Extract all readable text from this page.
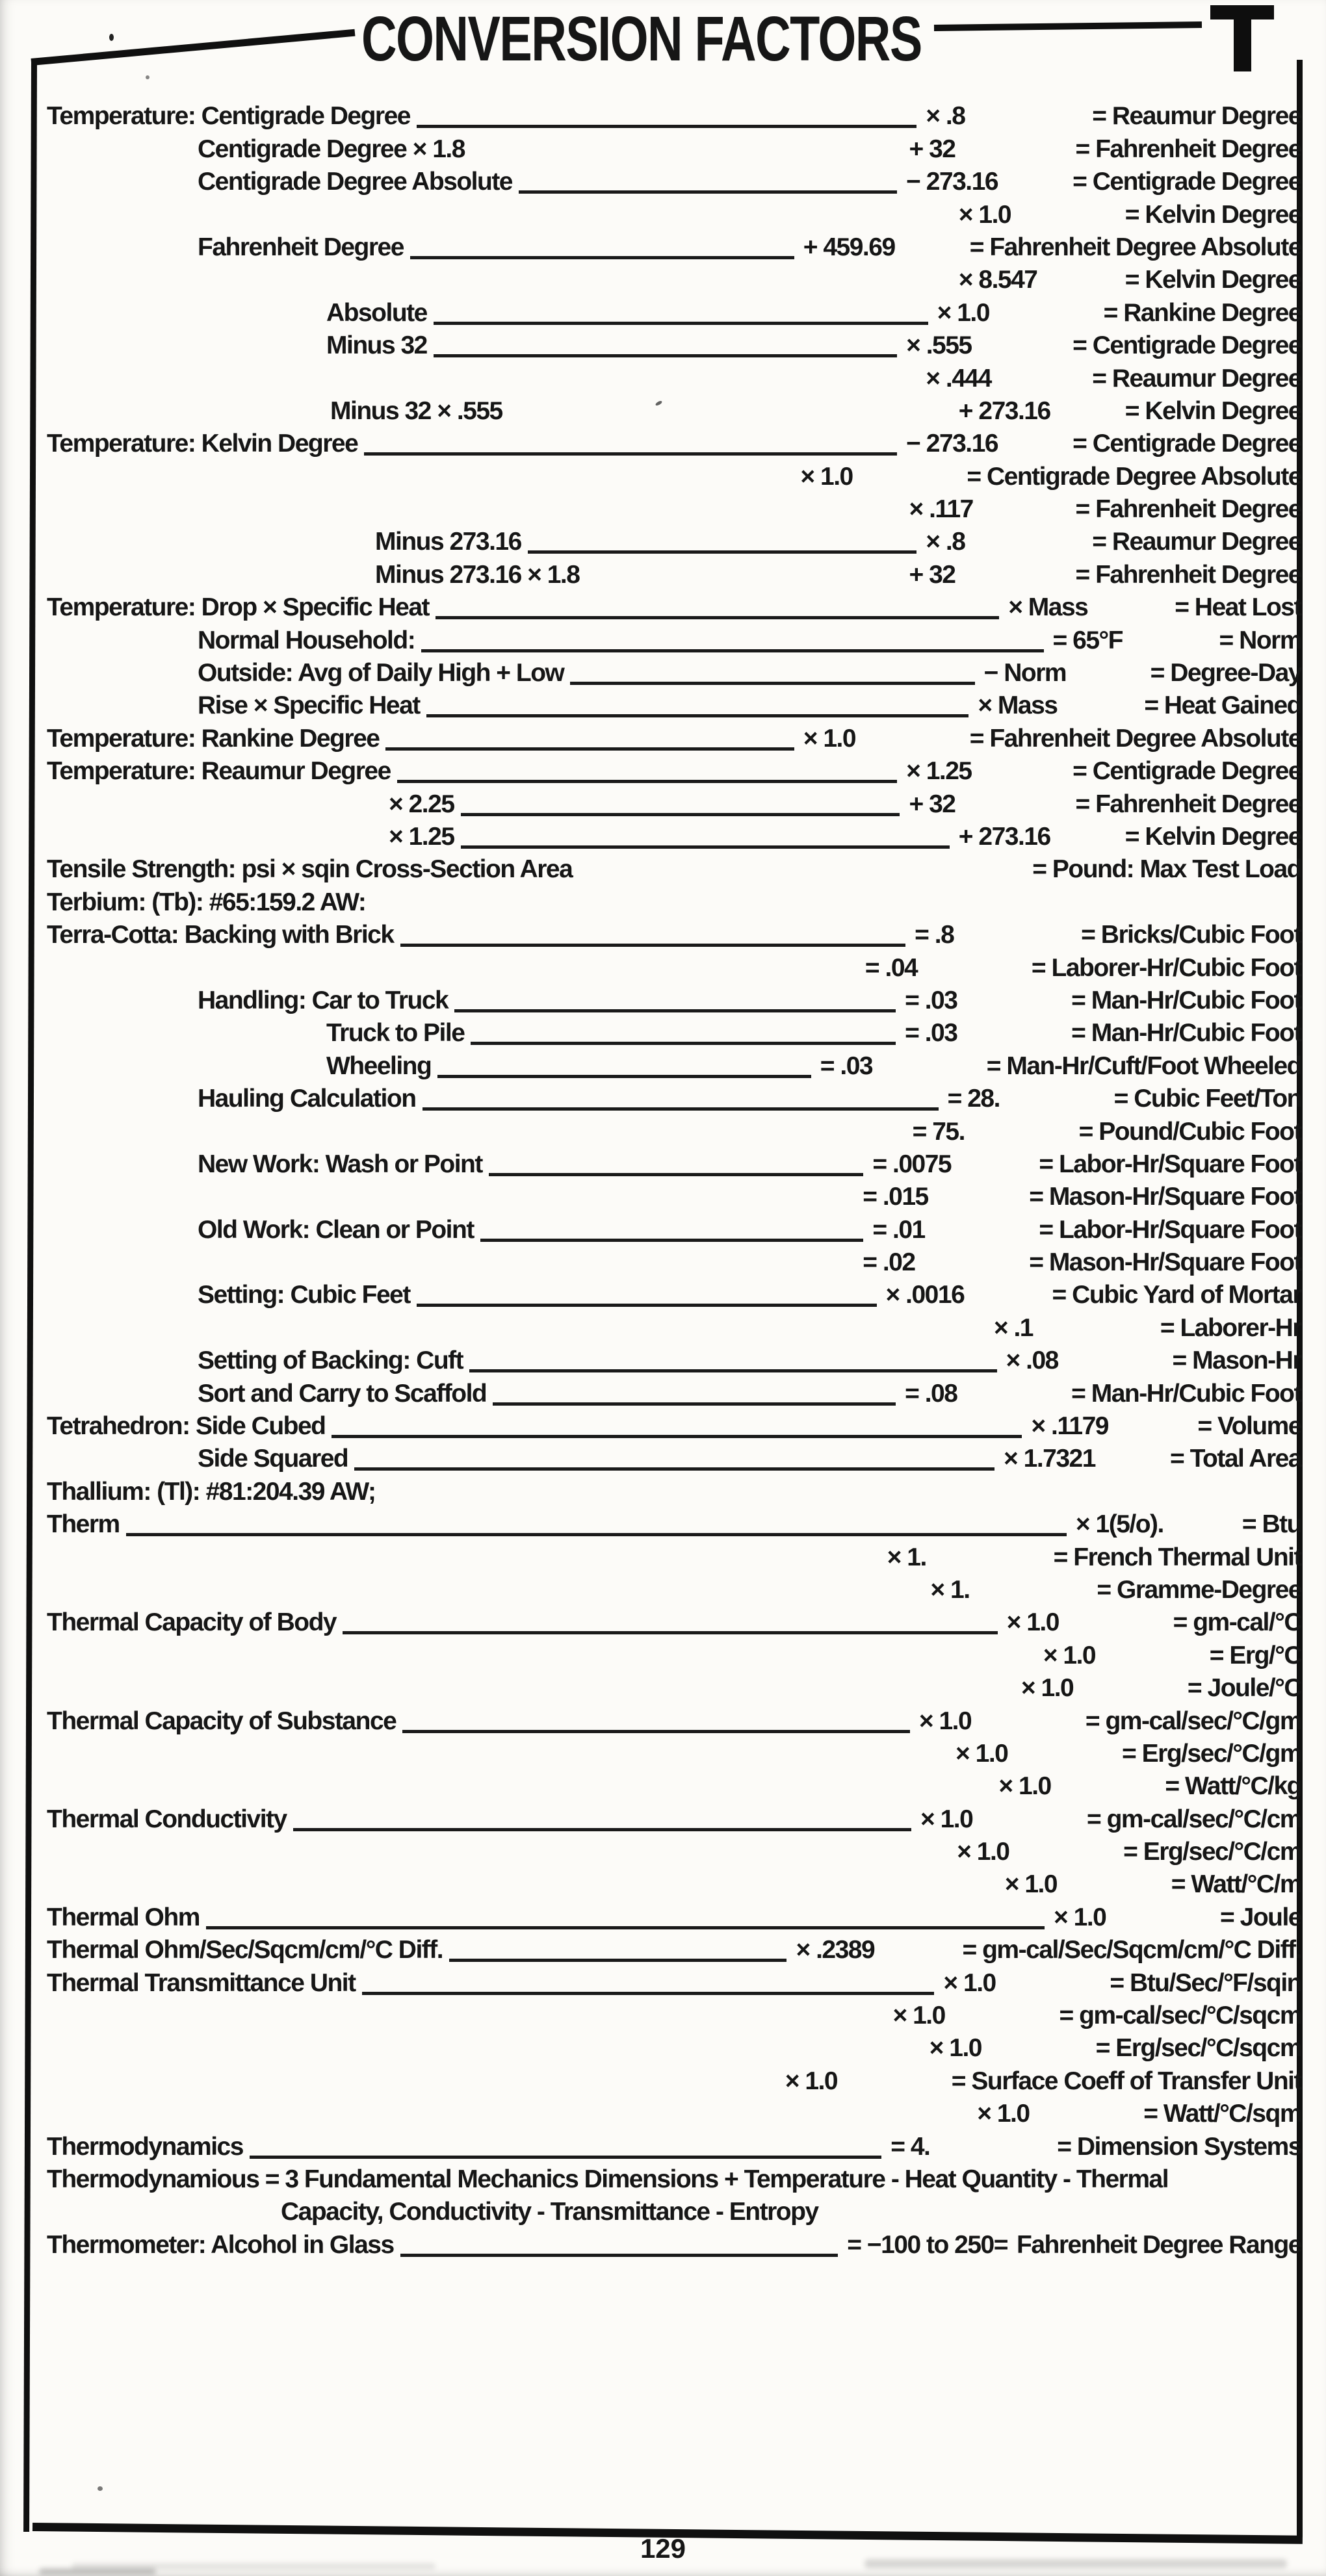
CONVERSION FACTORS
Temperature: Centigrade Degree	× .8	= Reaumur Degree
Centigrade Degree × 1.8	+ 32	= Fahrenheit Degree
Centigrade Degree Absolute	− 273.16	= Centigrade Degree
× 1.0	= Kelvin Degree
Fahrenheit Degree	+ 459.69	= Fahrenheit Degree Absolute
× 8.547	= Kelvin Degree
Absolute	× 1.0	= Rankine Degree
Minus 32	× .555	= Centigrade Degree
× .444	= Reaumur Degree
Minus 32 × .555	+ 273.16	= Kelvin Degree
Temperature: Kelvin Degree	− 273.16	= Centigrade Degree
× 1.0	= Centigrade Degree Absolute
× .117	= Fahrenheit Degree
Minus 273.16	× .8	= Reaumur Degree
Minus 273.16 × 1.8	+ 32	= Fahrenheit Degree
Temperature: Drop × Specific Heat	× Mass	= Heat Lost
Normal Household:	= 65°F	= Norm
Outside: Avg of Daily High + Low	− Norm	= Degree-Day
Rise × Specific Heat	× Mass	= Heat Gained
Temperature: Rankine Degree	× 1.0	= Fahrenheit Degree Absolute
Temperature: Reaumur Degree	× 1.25	= Centigrade Degree
× 2.25	+ 32	= Fahrenheit Degree
× 1.25	+ 273.16	= Kelvin Degree
Tensile Strength: psi × sqin Cross-Section Area	= Pound: Max Test Load
Terbium: (Tb): #65:159.2 AW:
Terra-Cotta: Backing with Brick	= .8	= Bricks/Cubic Foot
= .04	= Laborer-Hr/Cubic Foot
Handling: Car to Truck	= .03	= Man-Hr/Cubic Foot
Truck to Pile	= .03	= Man-Hr/Cubic Foot
Wheeling	= .03	= Man-Hr/Cuft/Foot Wheeled
Hauling Calculation	= 28.	= Cubic Feet/Ton
= 75.	= Pound/Cubic Foot
New Work: Wash or Point	= .0075	= Labor-Hr/Square Foot
= .015	= Mason-Hr/Square Foot
Old Work: Clean or Point	= .01	= Labor-Hr/Square Foot
= .02	= Mason-Hr/Square Foot
Setting: Cubic Feet	× .0016	= Cubic Yard of Mortar
× .1	= Laborer-Hr
Setting of Backing: Cuft	× .08	= Mason-Hr
Sort and Carry to Scaffold	= .08	= Man-Hr/Cubic Foot
Tetrahedron: Side Cubed	× .1179	= Volume
Side Squared	× 1.7321	= Total Area
Thallium: (Tl): #81:204.39 AW;
Therm	× 1(5/o).	= Btu
× 1.	= French Thermal Unit
× 1.	= Gramme-Degree
Thermal Capacity of Body	× 1.0	= gm-cal/°C
× 1.0	= Erg/°C
× 1.0	= Joule/°C
Thermal Capacity of Substance	× 1.0	= gm-cal/sec/°C/gm
× 1.0	= Erg/sec/°C/gm
× 1.0	= Watt/°C/kg
Thermal Conductivity	× 1.0	= gm-cal/sec/°C/cm
× 1.0	= Erg/sec/°C/cm
× 1.0	= Watt/°C/m
Thermal Ohm	× 1.0	= Joule
Thermal Ohm/Sec/Sqcm/cm/°C Diff.	× .2389	= gm-cal/Sec/Sqcm/cm/°C Diff.
Thermal Transmittance Unit	× 1.0	= Btu/Sec/°F/sqin
× 1.0	= gm-cal/sec/°C/sqcm
× 1.0	= Erg/sec/°C/sqcm
× 1.0	= Surface Coeff of Transfer Unit
× 1.0	= Watt/°C/sqm
Thermodynamics	= 4.	= Dimension Systems
Thermodynamious = 3 Fundamental Mechanics Dimensions + Temperature - Heat Quantity - Thermal
Capacity, Conductivity - Transmittance - Entropy
Thermometer: Alcohol in Glass	= −100 to 250= Fahrenheit Degree Range
129
